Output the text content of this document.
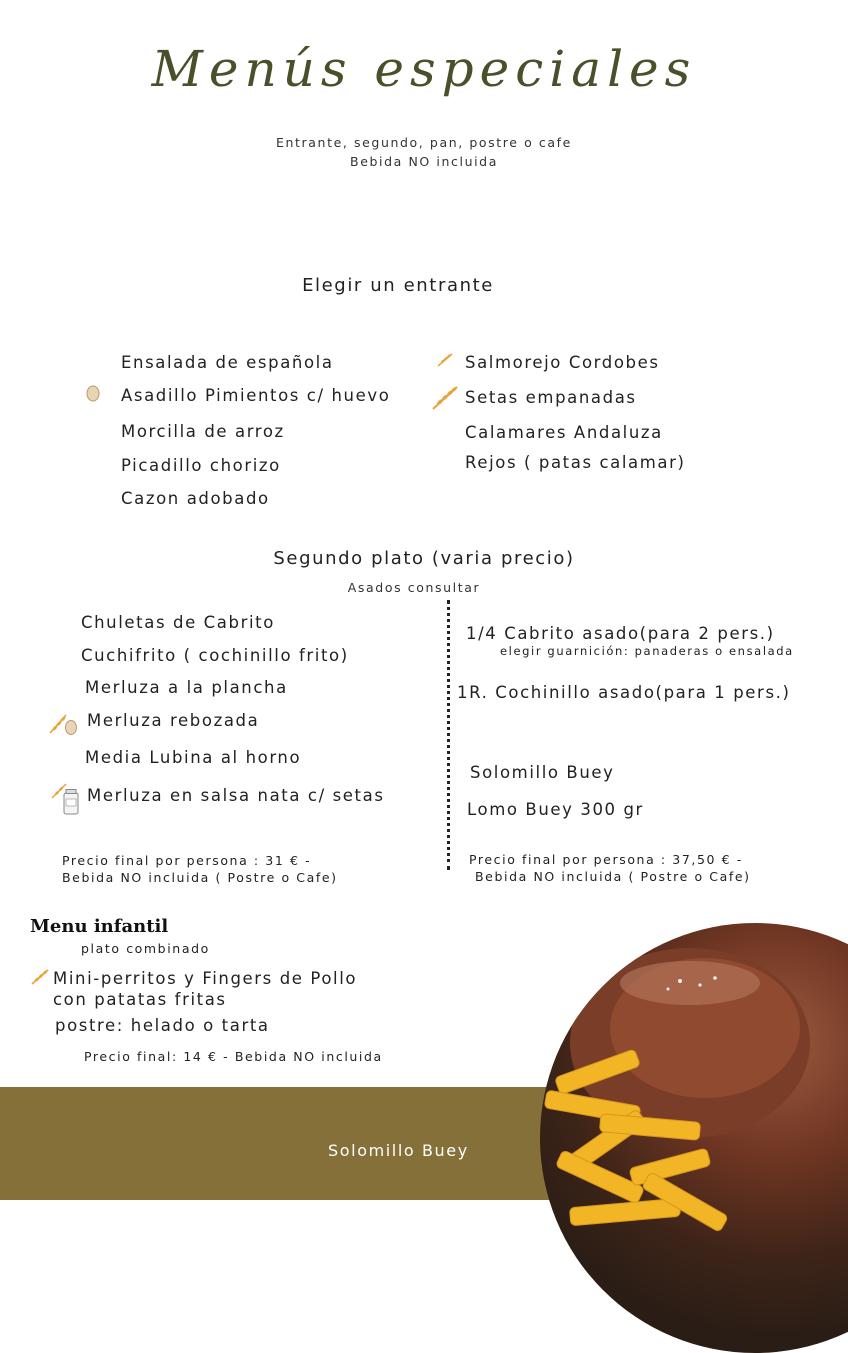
Menús especiales
Entrante, segundo, pan, postre o cafe
Bebida NO incluida
Elegir un entrante
Ensalada de española
Asadillo Pimientos c/ huevo
Morcilla de arroz
Picadillo chorizo
Cazon adobado
Salmorejo Cordobes
Setas empanadas
Calamares Andaluza
Rejos ( patas calamar)
Segundo plato (varia precio)
Asados consultar
Chuletas de Cabrito
Cuchifrito ( cochinillo frito)
Merluza a la plancha
Merluza rebozada
Media Lubina al horno
Merluza en salsa nata c/ setas
Precio final por persona : 31 € -
Bebida NO incluida ( Postre o Cafe)
1/4 Cabrito asado(para 2 pers.)
elegir guarnición: panaderas o ensalada
1R. Cochinillo asado(para 1 pers.)
Solomillo Buey
Lomo Buey 300 gr
Precio final por persona : 37,50 € -
Bebida NO incluida ( Postre o Cafe)
Menu infantil
plato combinado
Mini-perritos y Fingers de Pollo
con patatas fritas
postre: helado o tarta
Precio final: 14 € - Bebida NO incluida
Solomillo Buey
